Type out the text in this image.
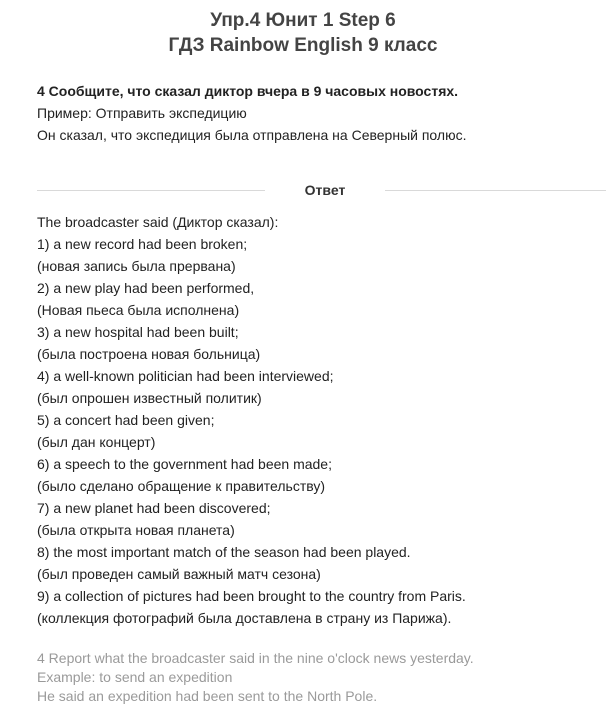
Упр.4 Юнит 1 Step 6
ГДЗ Rainbow English 9 класс
4 Сообщите, что сказал диктор вчера в 9 часовых новостях.
Пример: Отправить экспедицию
Он сказал, что экспедиция была отправлена на Северный полюс.
Ответ
The broadcaster said (Диктор сказал):
1) a new record had been broken;
(новая запись была прервана)
2) a new play had been performed,
(Новая пьеса была исполнена)
3) a new hospital had been built;
(была построена новая больница)
4) a well-known politician had been interviewed;
(был опрошен известный политик)
5) a concert had been given;
(был дан концерт)
6) a speech to the government had been made;
(было сделано обращение к правительству)
7) a new planet had been discovered;
(была открыта новая планета)
8) the most important match of the season had been played.
(был проведен самый важный матч сезона)
9) a collection of pictures had been brought to the country from Paris.
(коллекция фотографий была доставлена в страну из Парижа).
4 Report what the broadcaster said in the nine o'clock news yesterday.
Example: to send an expedition
He said an expedition had been sent to the North Pole.
